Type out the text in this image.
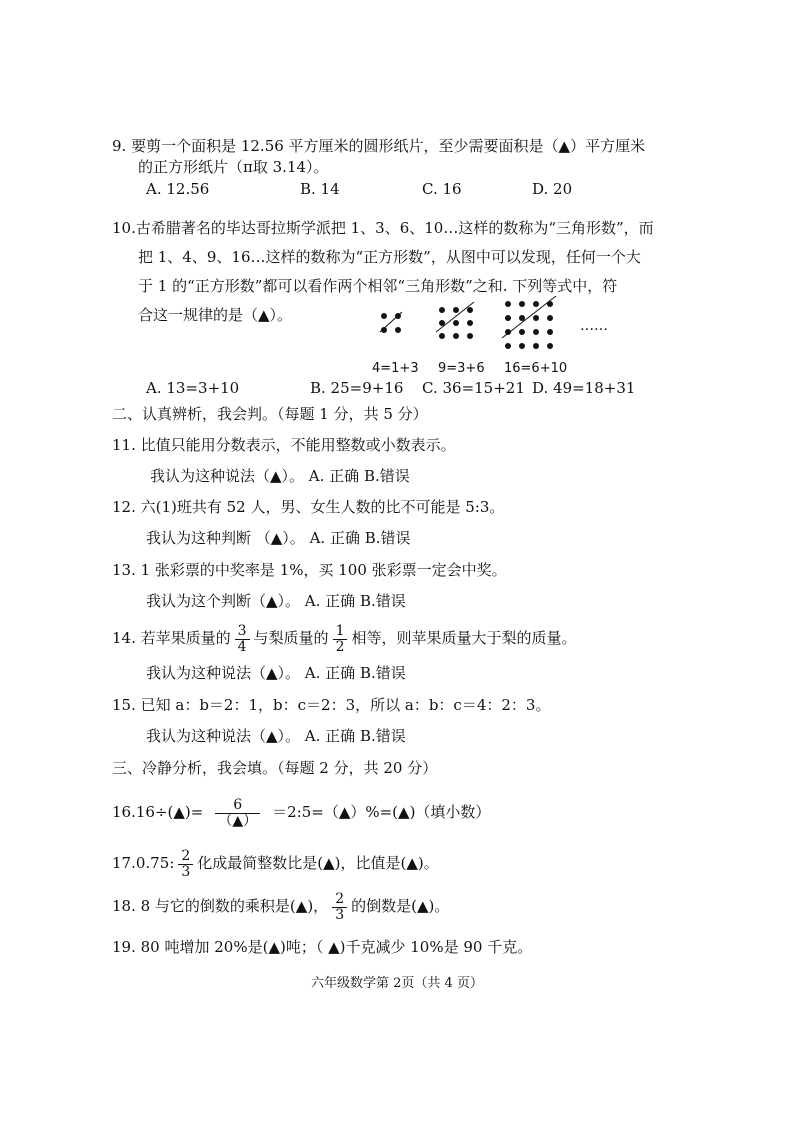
9. 要剪一个面积是 12.56 平方厘米的圆形纸片，至少需要面积是（▲）平方厘米
的正方形纸片（π取 3.14）。
A. 12.56	B. 14	C. 16	D. 20
10.古希腊著名的毕达哥拉斯学派把 1、3、6、10…这样的数称为“三角形数”，而
把 1、4、9、16…这样的数称为“正方形数”，从图中可以发现，任何一个大
于 1 的“正方形数”都可以看作两个相邻“三角形数”之和. 下列等式中，符
合这一规律的是（▲）。
……
4=1+3 9=3+6 16=6+10
A. 13=3+10	B. 25=9+16 C. 36=15+21 D. 49=18+31
二、认真辨析，我会判。（每题 1 分，共 5 分）
11. 比值只能用分数表示，不能用整数或小数表示。
我认为这种说法（▲）。 A. 正确 B.错误
12. 六(1)班共有 52 人，男、女生人数的比不可能是 5:3。
我认为这种判断 （▲）。 A. 正确 B.错误
13. 1 张彩票的中奖率是 1%，买 100 张彩票一定会中奖。
我认为这个判断（▲）。 A. 正确 B.错误
14. 若苹果质量的 $\frac{3}{4}$ 与梨质量的 $\frac{1}{2}$ 相等，则苹果质量大于梨的质量。
我认为这种说法（▲）。 A. 正确 B.错误
15. 已知 a：b＝2：1，b：c＝2：3，所以 a：b：c＝4：2：3。
我认为这种说法（▲）。 A. 正确 B.错误
三、冷静分析，我会填。（每题 2 分，共 20 分）
16.16÷(▲)= $\frac{6}{(▲)}$ ＝2:5=（▲）%=(▲)（填小数）
17.0.75: $\frac{2}{3}$ 化成最简整数比是(▲)，比值是(▲)。
18. 8 与它的倒数的乘积是(▲)， $\frac{2}{3}$ 的倒数是(▲)。
19. 80 吨增加 20%是(▲)吨；（ ▲)千克减少 10%是 90 千克。
六年级数学第 2页（共 4 页）
